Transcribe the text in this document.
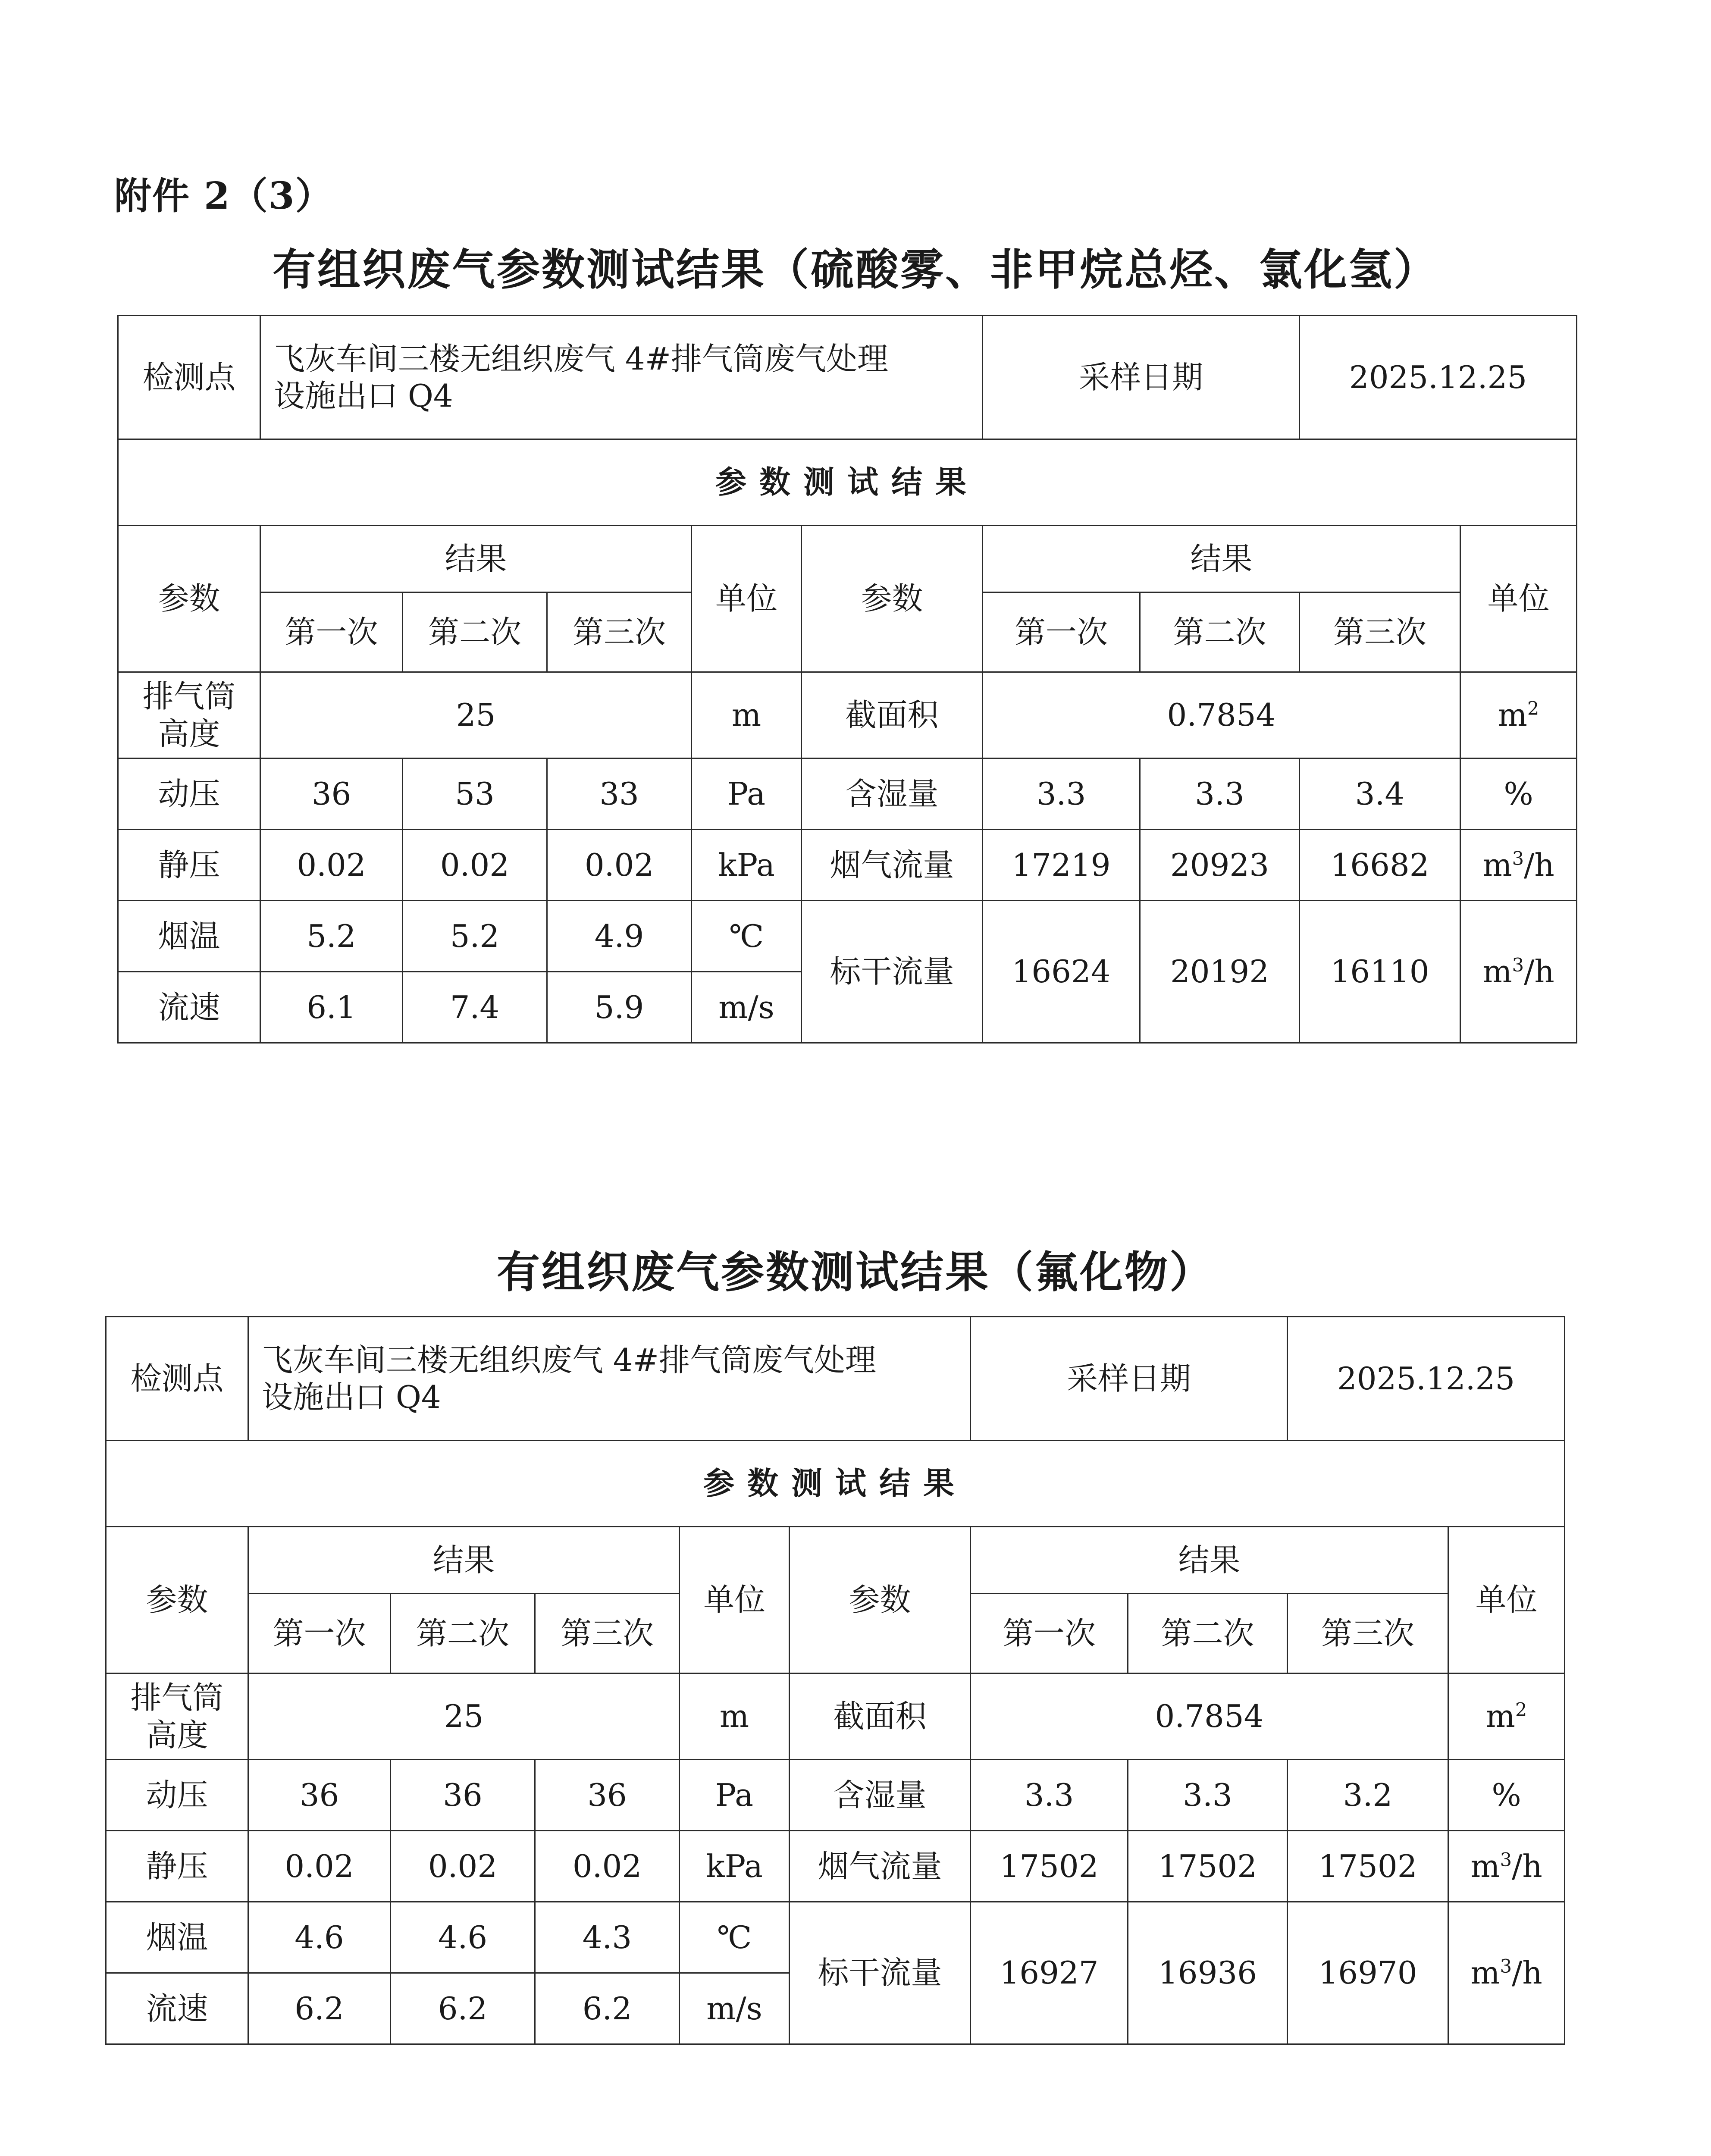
附件 2（3）
有组织废气参数测试结果（硫酸雾、非甲烷总烃、氯化氢）
有组织废气参数测试结果（氟化物）
检测点	飞灰车间三楼无组织废气 4#排气筒废气处理
设施出口 Q4					采样日期		2025.12.25	
参数测试结果									
参数	结果			单位	参数	结果			单位
	第一次	第二次	第三次			第一次	第二次	第三次	

排气筒
高度	25			m	截面积	0.7854			$m^2$
动压	36	53	33	Pa	含湿量	3.3	3.3	3.4	%
静压	0.02	0.02	0.02	kPa	烟气流量	17219	20923	16682	$m^3/h$
烟温	5.2	5.2	4.9	℃	标干流量	16624	20192	16110	$m^3/h$
流速	6.1	7.4	5.9	m/s					
检测点	飞灰车间三楼无组织废气 4#排气筒废气处理
设施出口 Q4					采样日期		2025.12.25	
参数测试结果									
参数	结果			单位	参数	结果			单位
	第一次	第二次	第三次			第一次	第二次	第三次	

排气筒
高度	25			m	截面积	0.7854			$m^2$
动压	36	36	36	Pa	含湿量	3.3	3.3	3.2	%
静压	0.02	0.02	0.02	kPa	烟气流量	17502	17502	17502	$m^3/h$
烟温	4.6	4.6	4.3	℃	标干流量	16927	16936	16970	$m^3/h$
流速	6.2	6.2	6.2	m/s					
